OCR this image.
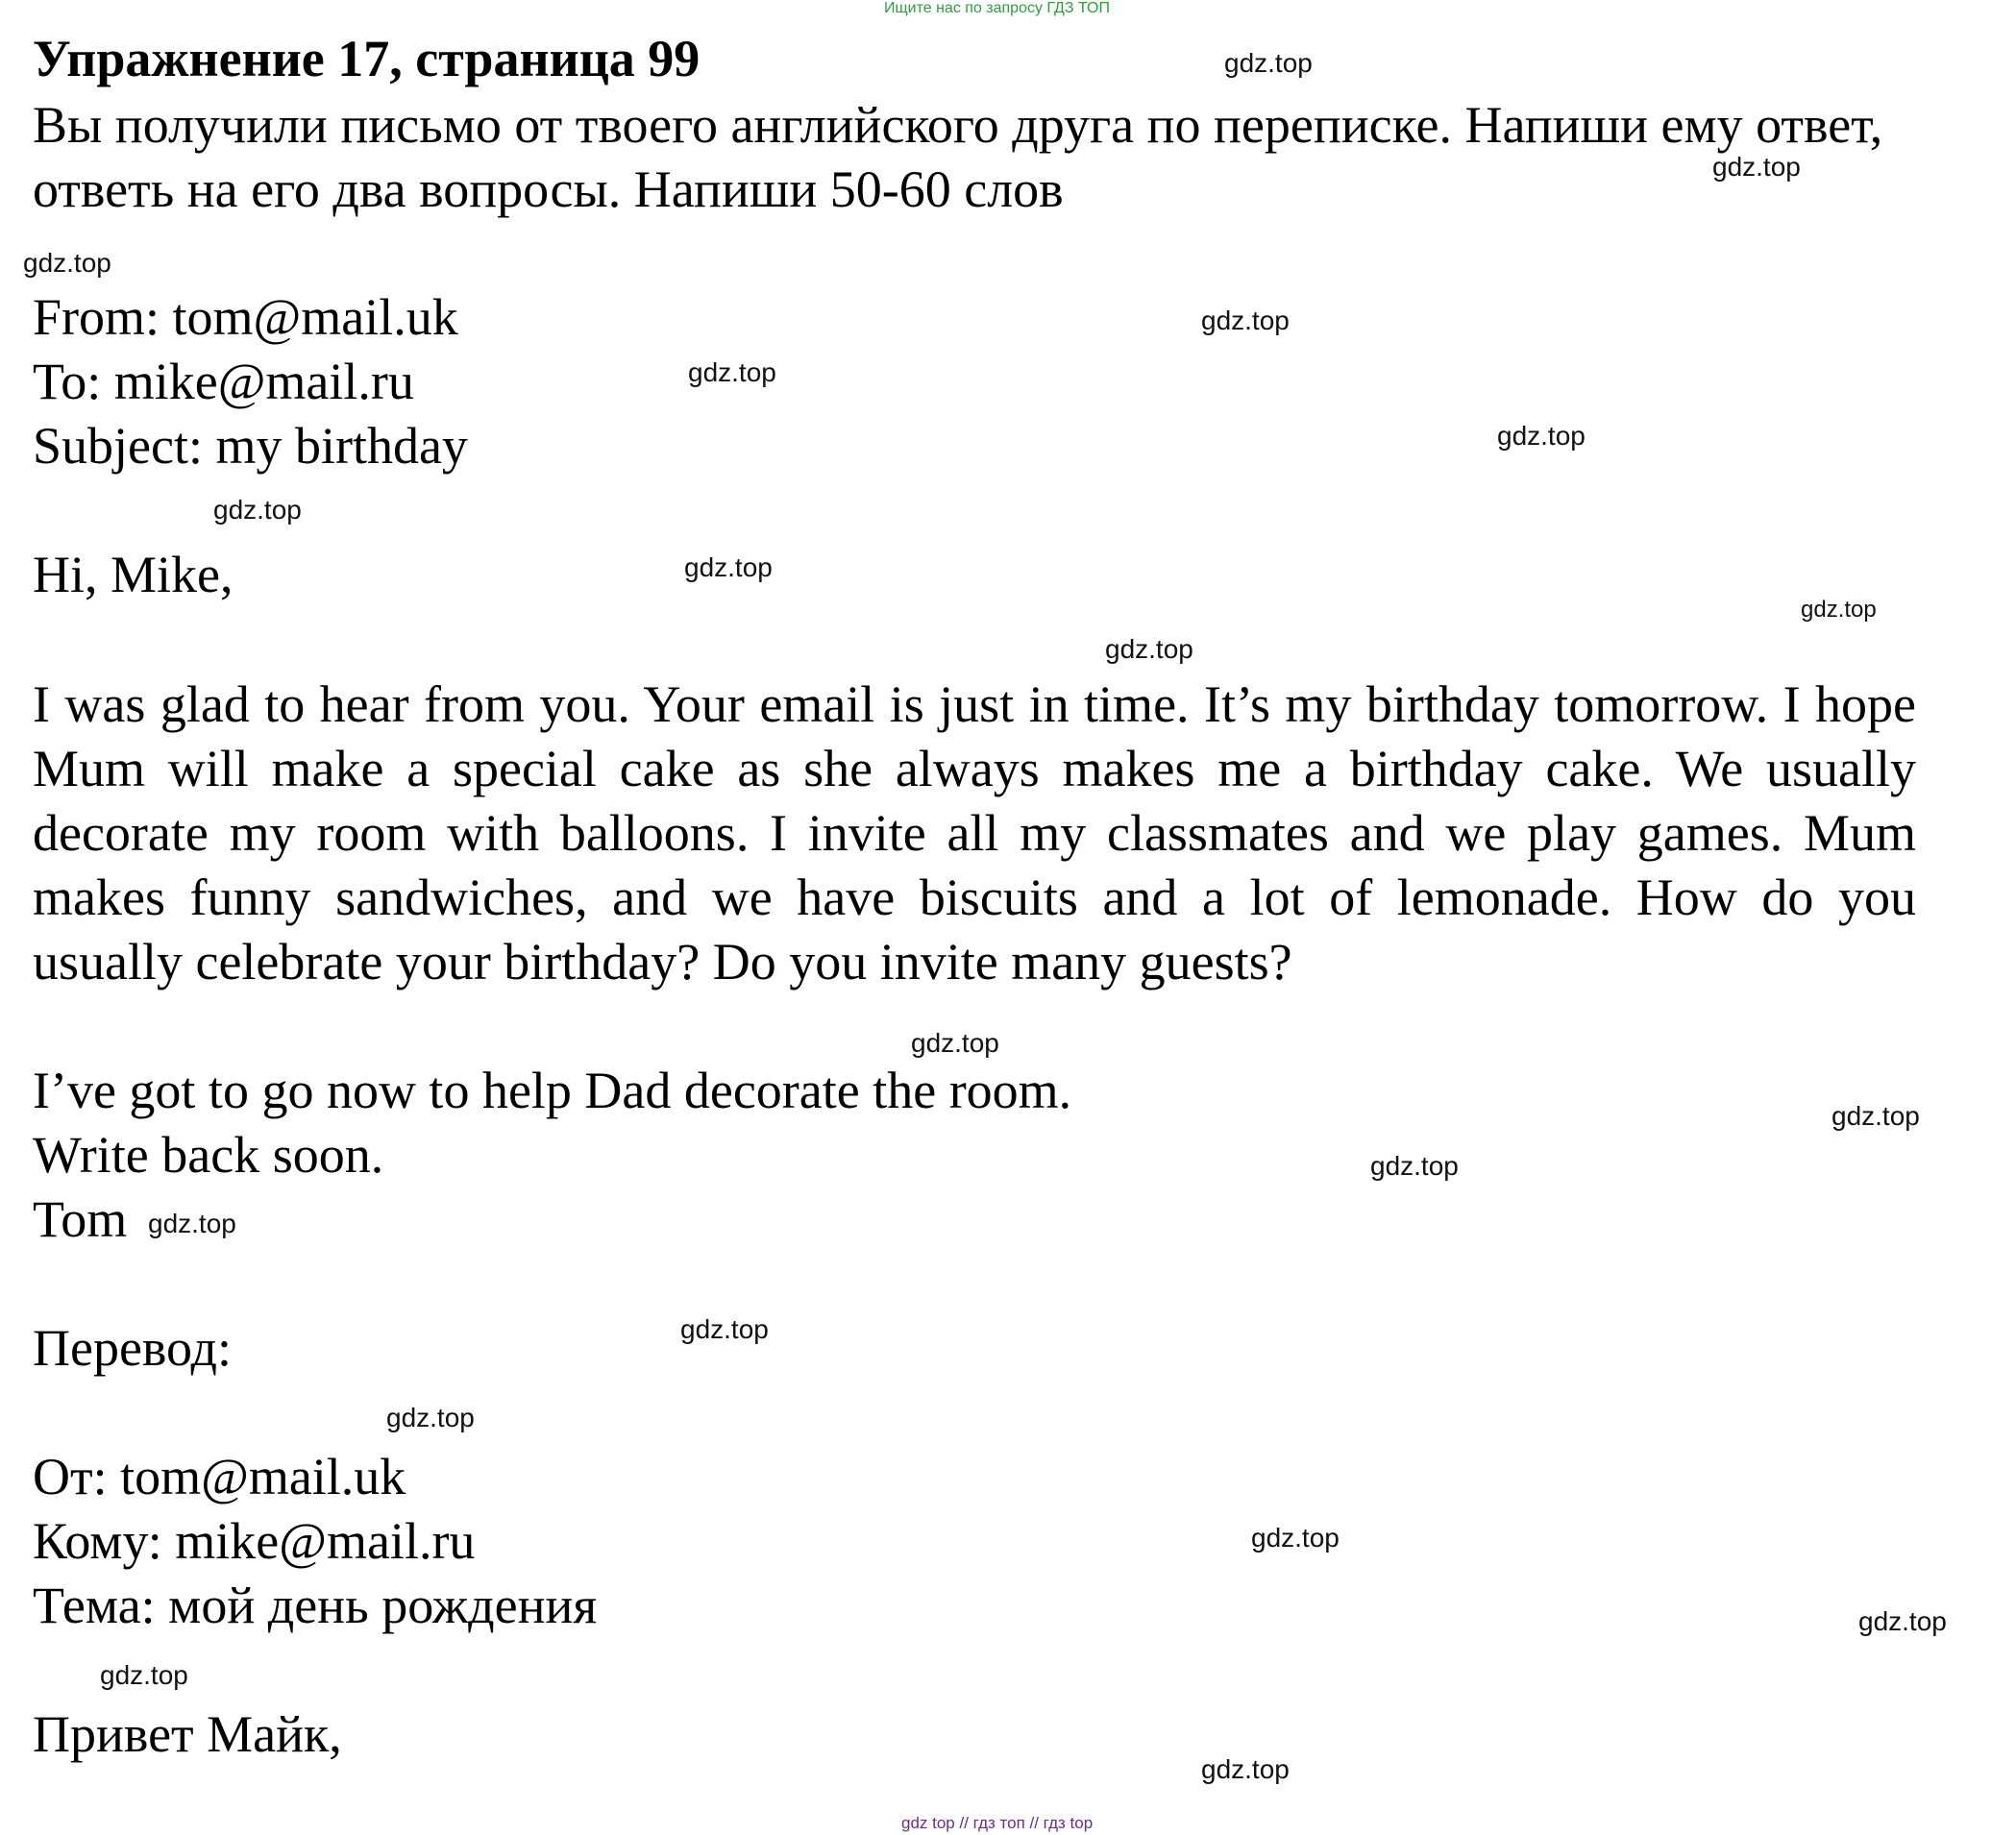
Ищите нас по запросу ГДЗ ТОП
Упражнение 17, страница 99
Вы получили письмо от твоего английского друга по переписке. Напиши ему ответ, ответь на его два вопросы. Напиши 50-60 слов
From: tom@mail.uk
To: mike@mail.ru
Subject: my birthday
Hi, Mike,
I was glad to hear from you. Your email is just in time. It’s my birthday tomorrow. I hope Mum will make a special cake as she always makes me a birthday cake. We usually decorate my room with balloons. I invite all my classmates and we play games. Mum makes funny sandwiches, and we have biscuits and a lot of lemonade. How do you usually celebrate your birthday? Do you invite many guests?
I’ve got to go now to help Dad decorate the room.
Write back soon.
Tom
Перевод:
От: tom@mail.uk
Кому: mike@mail.ru
Тема: мой день рождения
Привет Майк,
gdz.top
gdz.top
gdz.top
gdz.top
gdz.top
gdz.top
gdz.top
gdz.top
gdz.top
gdz.top
gdz.top
gdz.top
gdz.top
gdz.top
gdz.top
gdz.top
gdz.top
gdz.top
gdz.top
gdz.top
gdz top // гдз топ // гдз top
